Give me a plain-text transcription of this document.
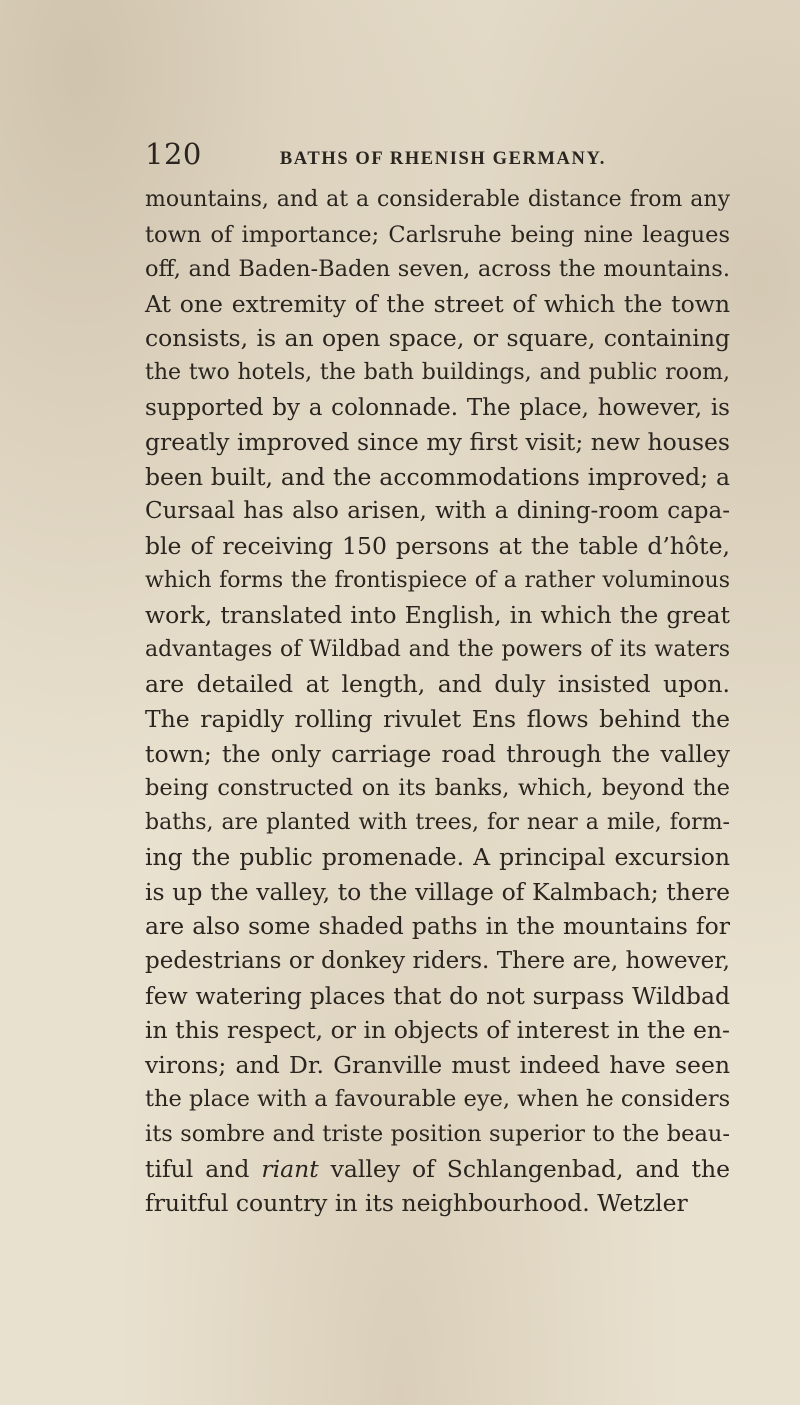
120	BATHS OF RHENISH GERMANY.
mountains, and at a considerable distance from any
town of importance; Carlsruhe being nine leagues
off, and Baden-Baden seven, across the mountains.
At one extremity of the street of which the town
consists, is an open space, or square, containing
the two hotels, the bath buildings, and public room,
supported by a colonnade. The place, however, is
greatly improved since my first visit; new houses
been built, and the accommodations improved; a
Cursaal has also arisen, with a dining-room capa-
ble of receiving 150 persons at the table d’hôte,
which forms the frontispiece of a rather voluminous
work, translated into English, in which the great
advantages of Wildbad and the powers of its waters
are detailed at length, and duly insisted upon.
The rapidly rolling rivulet Ens flows behind the
town; the only carriage road through the valley
being constructed on its banks, which, beyond the
baths, are planted with trees, for near a mile, form-
ing the public promenade. A principal excursion
is up the valley, to the village of Kalmbach; there
are also some shaded paths in the mountains for
pedestrians or donkey riders. There are, however,
few watering places that do not surpass Wildbad
in this respect, or in objects of interest in the en-
virons; and Dr. Granville must indeed have seen
the place with a favourable eye, when he considers
its sombre and triste position superior to the beau-
tiful and riant valley of Schlangenbad, and the
fruitful country in its neighbourhood. Wetzler
